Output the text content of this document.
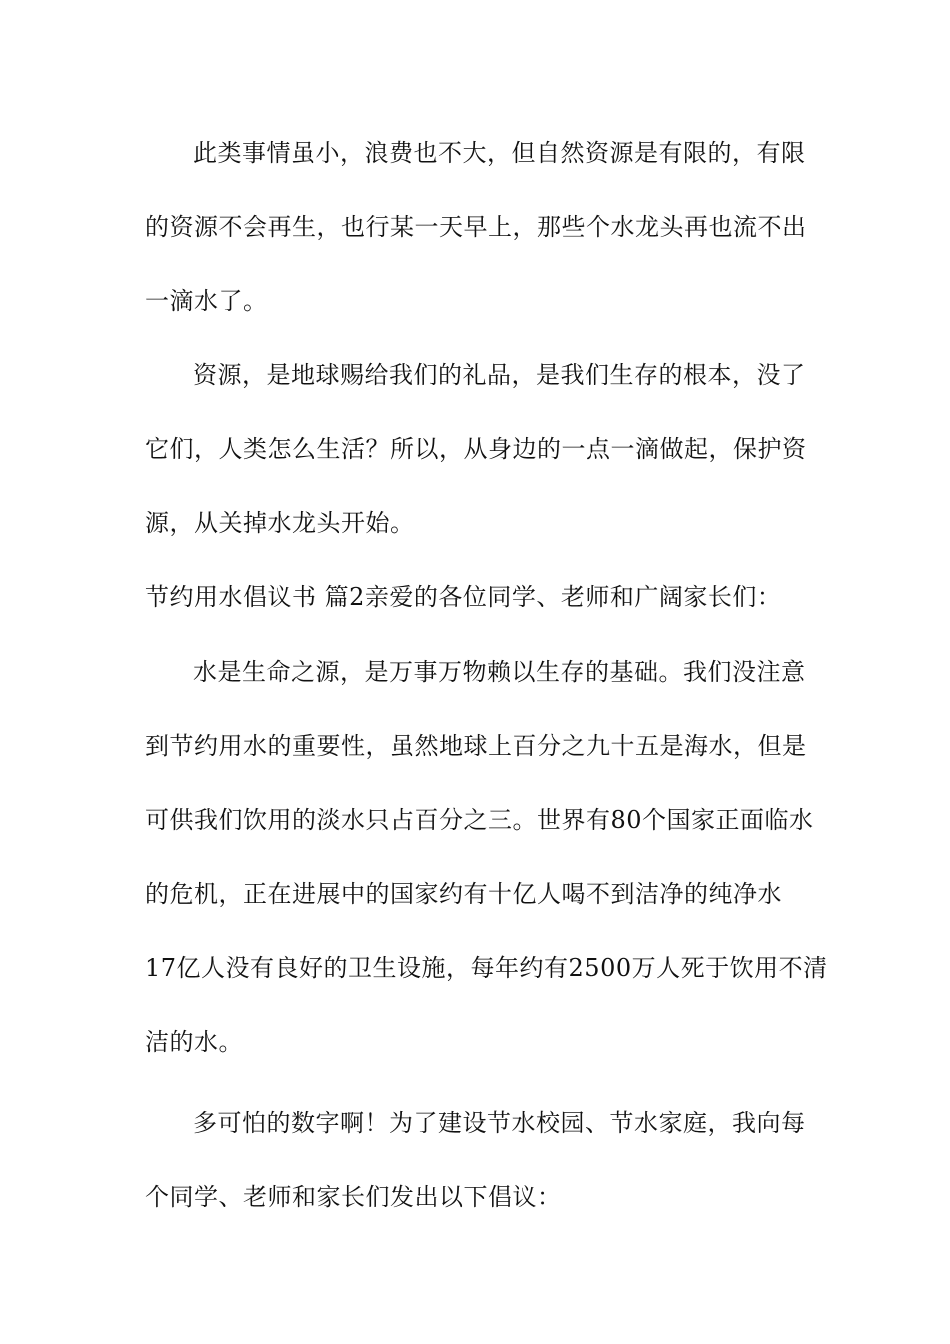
此类事情虽小，浪费也不大，但自然资源是有限的，有限
的资源不会再生，也行某一天早上，那些个水龙头再也流不出
一滴水了。
资源，是地球赐给我们的礼品，是我们生存的根本，没了
它们，人类怎么生活？所以，从身边的一点一滴做起，保护资
源，从关掉水龙头开始。
节约用水倡议书 篇2亲爱的各位同学、老师和广阔家长们：
水是生命之源，是万事万物赖以生存的基础。我们没注意
到节约用水的重要性，虽然地球上百分之九十五是海水，但是
可供我们饮用的淡水只占百分之三。世界有80个国家正面临水
的危机，正在进展中的国家约有十亿人喝不到洁净的纯净水
17亿人没有良好的卫生设施，每年约有2500万人死于饮用不清
洁的水。
多可怕的数字啊！为了建设节水校园、节水家庭，我向每
个同学、老师和家长们发出以下倡议：
